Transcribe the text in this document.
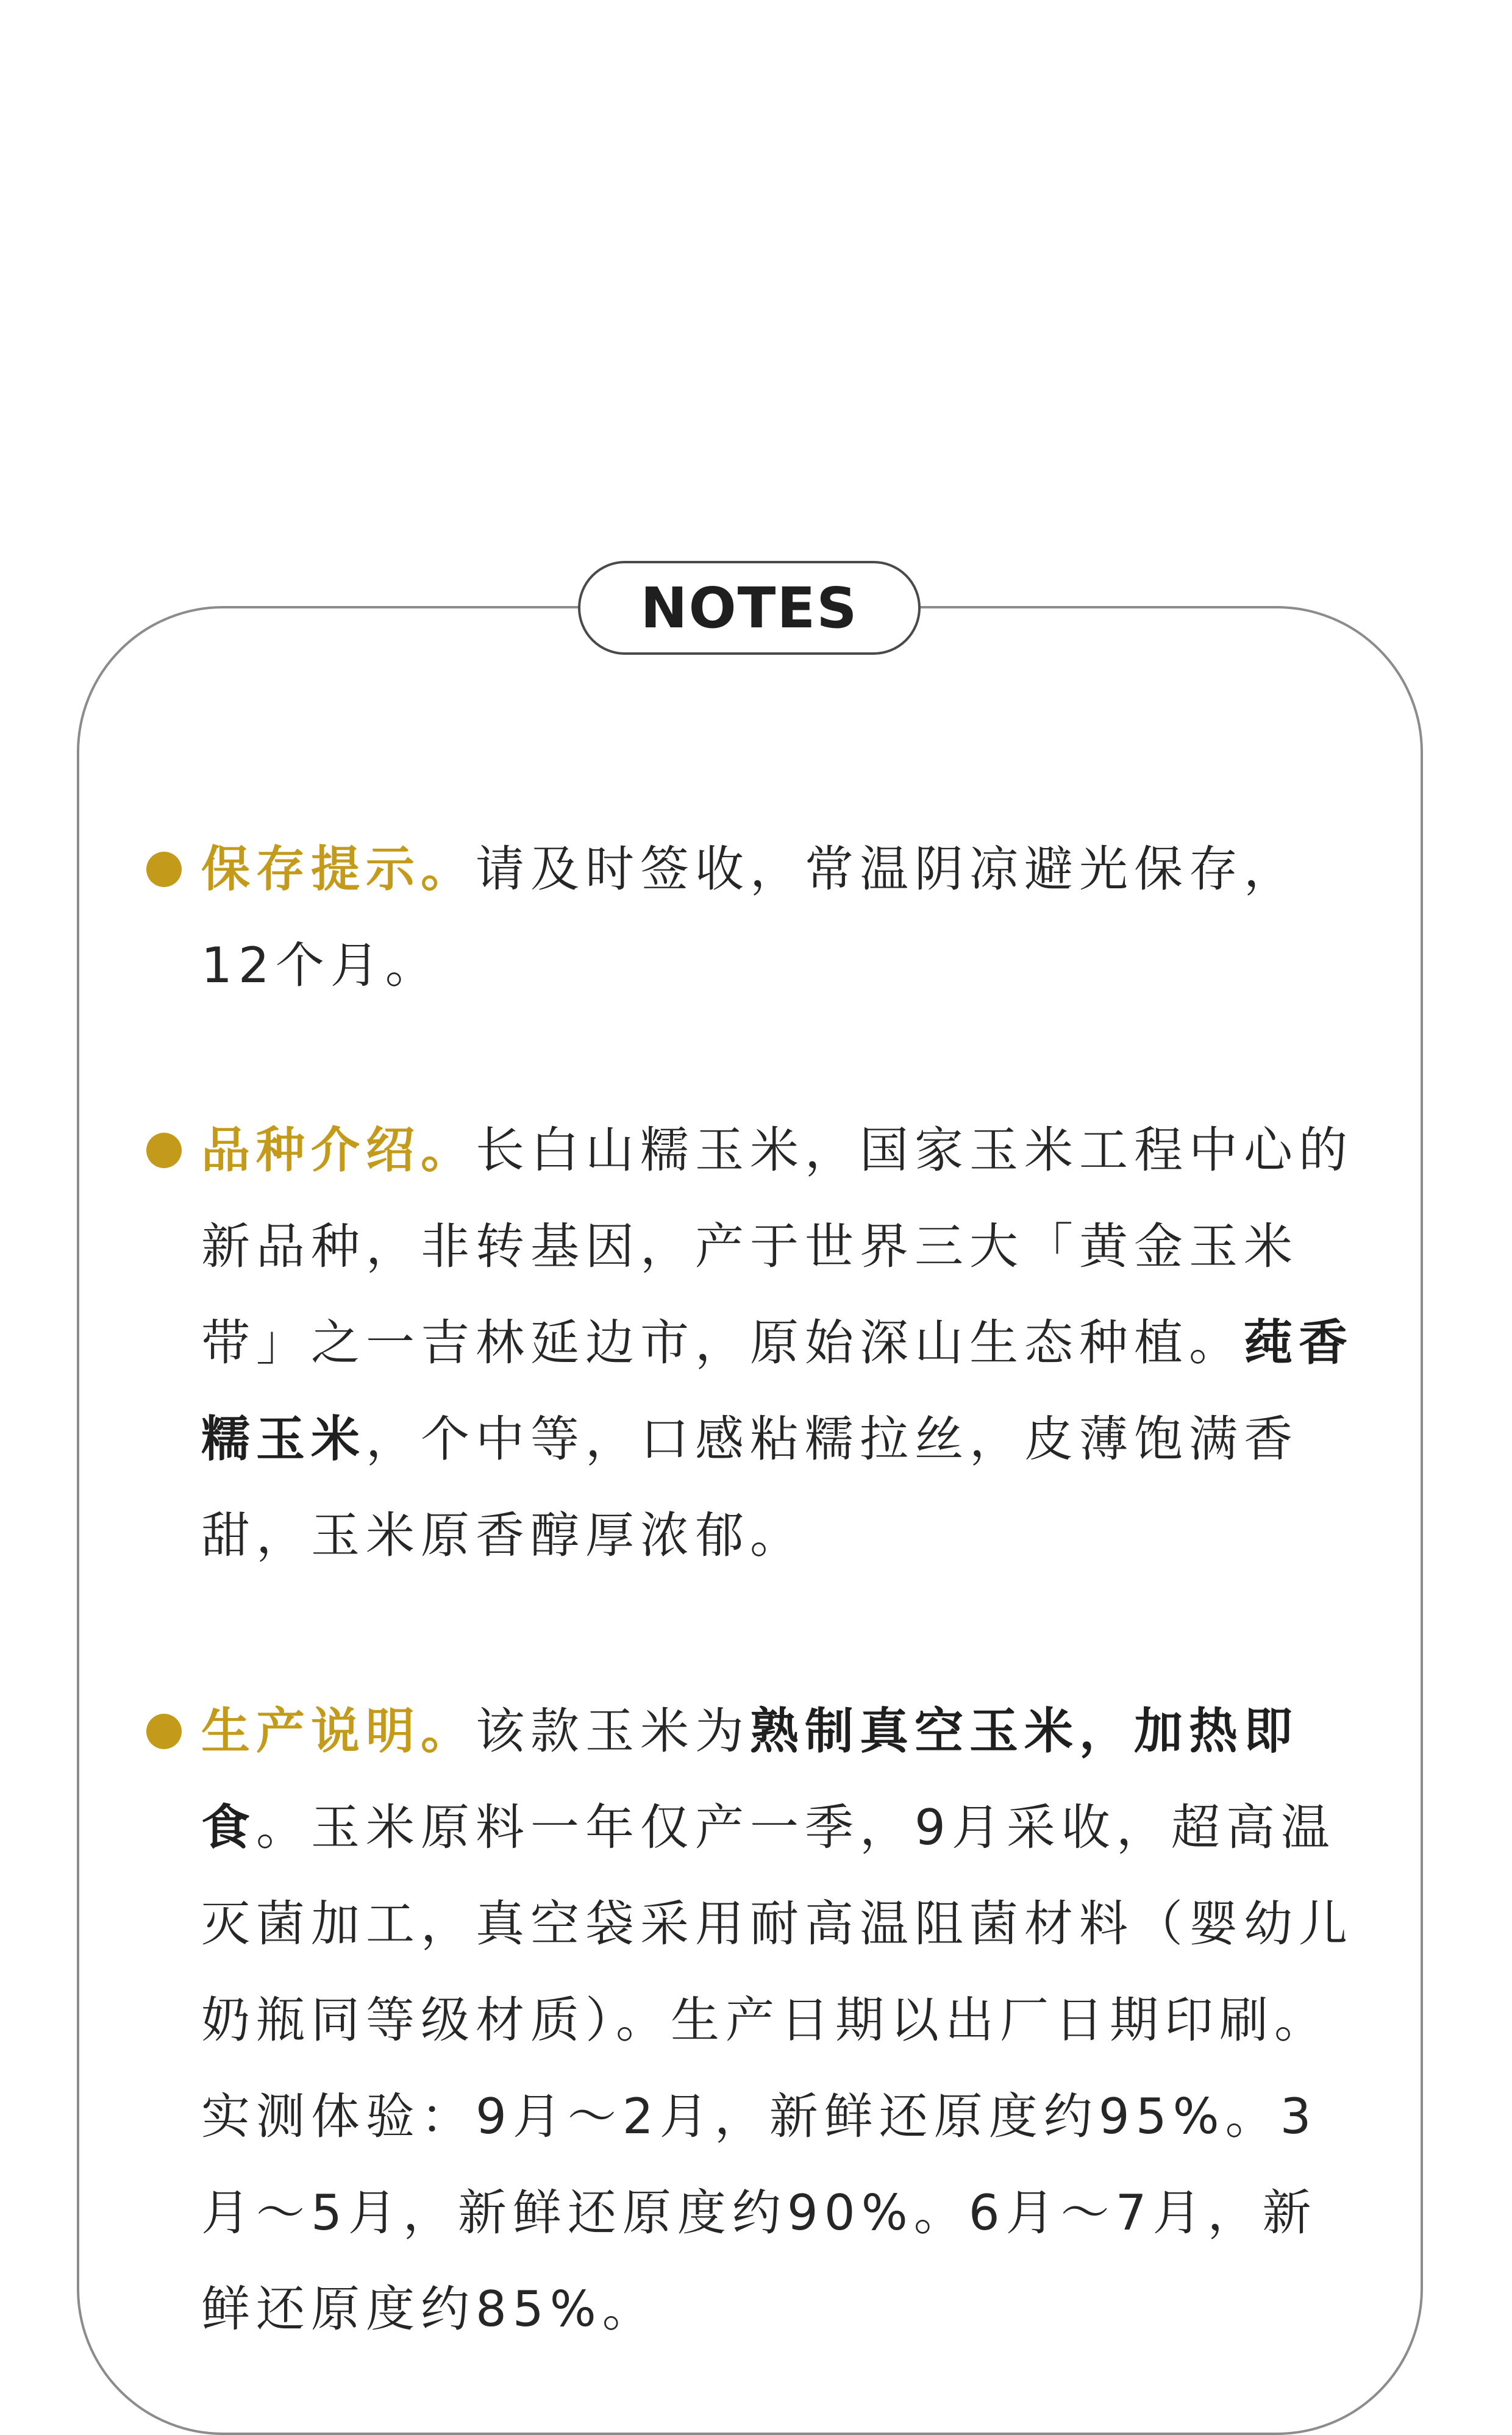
NOTES
保存提示。请及时签收，常温阴凉避光保存，12个月。
品种介绍。长白山糯玉米，国家玉米工程中心的新品种，非转基因，产于世界三大「黄金玉米带」之一吉林延边市，原始深山生态种植。莼香糯玉米，个中等，口感粘糯拉丝，皮薄饱满香甜，玉米原香醇厚浓郁。
生产说明。该款玉米为熟制真空玉米，加热即食。玉米原料一年仅产一季，9月采收，超高温灭菌加工，真空袋采用耐高温阻菌材料（婴幼儿奶瓶同等级材质）。生产日期以出厂日期印刷。实测体验：9月～2月，新鲜还原度约95%。3月～5月，新鲜还原度约90%。6月～7月，新鲜还原度约85%。
